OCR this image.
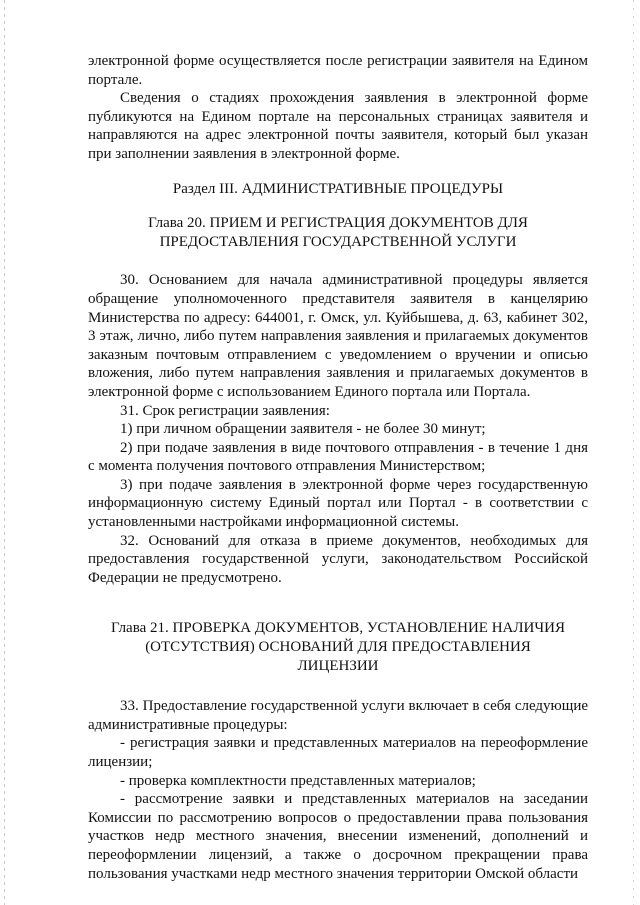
электронной форме осуществляется после регистрации заявителя на Едином портале.

Сведения о стадиях прохождения заявления в электронной форме публикуются на Едином портале на персональных страницах заявителя и направляются на адрес электронной почты заявителя, который был указан при заполнении заявления в электронной форме.

Раздел III. АДМИНИСТРАТИВНЫЕ ПРОЦЕДУРЫ

Глава 20. ПРИЕМ И РЕГИСТРАЦИЯ ДОКУМЕНТОВ ДЛЯ
ПРЕДОСТАВЛЕНИЯ ГОСУДАРСТВЕННОЙ УСЛУГИ

30. Основанием для начала административной процедуры является обращение уполномоченного представителя заявителя в канцелярию Министерства по адресу: 644001, г. Омск, ул. Куйбышева, д. 63, кабинет 302, 3 этаж, лично, либо путем направления заявления и прилагаемых документов заказным почтовым отправлением с уведомлением о вручении и описью вложения, либо путем направления заявления и прилагаемых документов в электронной форме с использованием Единого портала или Портала.

31. Срок регистрации заявления:

1) при личном обращении заявителя - не более 30 минут;

2) при подаче заявления в виде почтового отправления - в течение 1 дня с момента получения почтового отправления Министерством;

3) при подаче заявления в электронной форме через государственную информационную систему Единый портал или Портал - в соответствии с установленными настройками информационной системы.

32. Оснований для отказа в приеме документов, необходимых для предоставления государственной услуги, законодательством Российской Федерации не предусмотрено.

Глава 21. ПРОВЕРКА ДОКУМЕНТОВ, УСТАНОВЛЕНИЕ НАЛИЧИЯ
(ОТСУТСТВИЯ) ОСНОВАНИЙ ДЛЯ ПРЕДОСТАВЛЕНИЯ
ЛИЦЕНЗИИ

33. Предоставление государственной услуги включает в себя следующие административные процедуры:

- регистрация заявки и представленных материалов на переоформление лицензии;

- проверка комплектности представленных материалов;

- рассмотрение заявки и представленных материалов на заседании Комиссии по рассмотрению вопросов о предоставлении права пользования участков недр местного значения, внесении изменений, дополнений и переоформлении лицензий, а также о досрочном прекращении права пользования участками недр местного значения территории Омской области
